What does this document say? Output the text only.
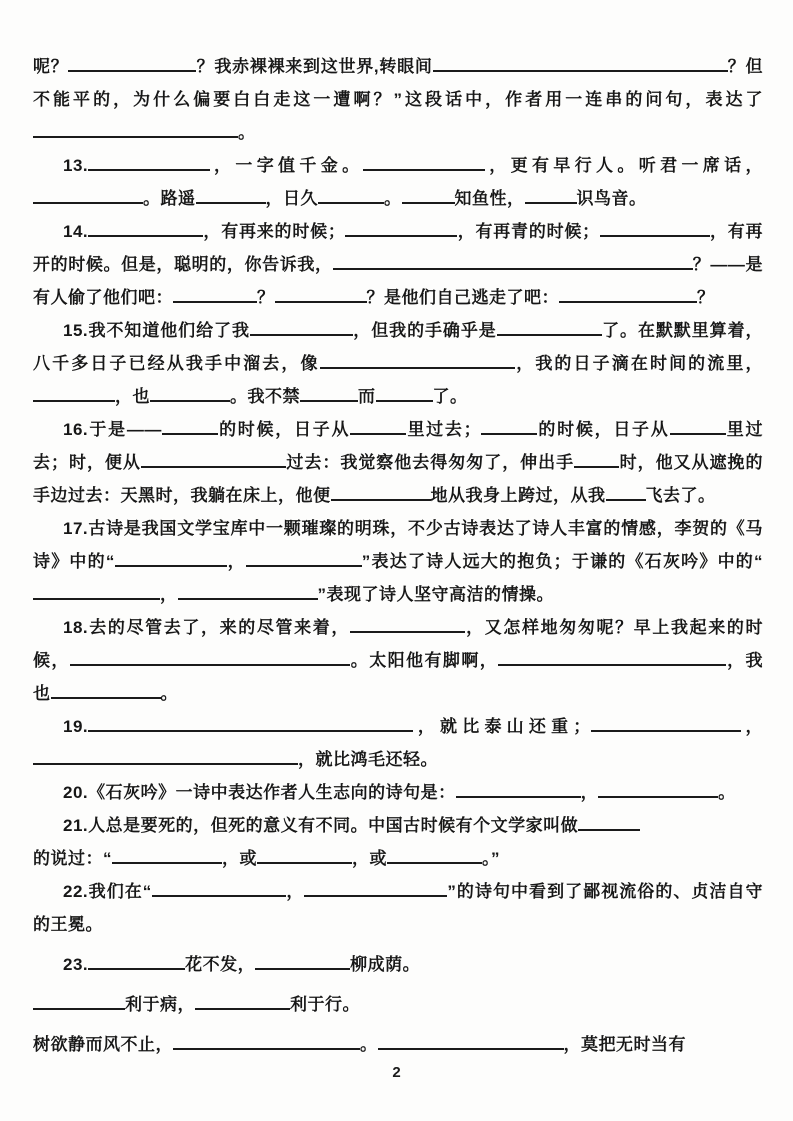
呢？	？我赤裸裸来到这世界,转眼间	？但不能平的，为什么偏要白白走这一遭啊？”这段话中，作者用一连串的问句，表达了。

13.	，一字值千金。	，更有早行人。听君一席话，。路遥	，日久	。	知鱼性，	识鸟音。

14.	，有再来的时候；	，有再青的时候；	，有再开的时候。但是，聪明的，你告诉我，	？——是有人偷了他们吧：	？	？是他们自己逃走了吧：	？

15.我不知道他们给了我	，但我的手确乎是	了。在默默里算着，八千多日子已经从我手中溜去，像	，我的日子滴在时间的流里，，也	。我不禁	而	了。

16.于是——	的时候，日子从	里过去；	的时候，日子从	里过去；时，便从	过去：我觉察他去得匆匆了，伸出手	时，他又从遮挽的手边过去：天黑时，我躺在床上，他便	地从我身上跨过，从我 飞去了。

17.古诗是我国文学宝库中一颗璀璨的明珠，不少古诗表达了诗人丰富的情感，李贺的《马诗》中的“	，	”表达了诗人远大的抱负；于谦的《石灰吟》中的“，	”表现了诗人坚守高洁的情操。

18.去的尽管去了，来的尽管来着，	，又怎样地匆匆呢？早上我起来的时候，	。太阳他有脚啊，	，我也	。

19.	，就比泰山还重；	，，就比鸿毛还轻。

20.《石灰吟》一诗中表达作者人生志向的诗句是：	，	。

21.人总是要死的，但死的意义有不同。中国古时候有个文学家叫做
的说过：“	，或	，或	。”

22.我们在“	，	”的诗句中看到了鄙视流俗的、贞洁自守的王冕。

23.	花不发，	柳成荫。

利于病，	利于行。

树欲静而风不止，	。	，莫把无时当有

2
